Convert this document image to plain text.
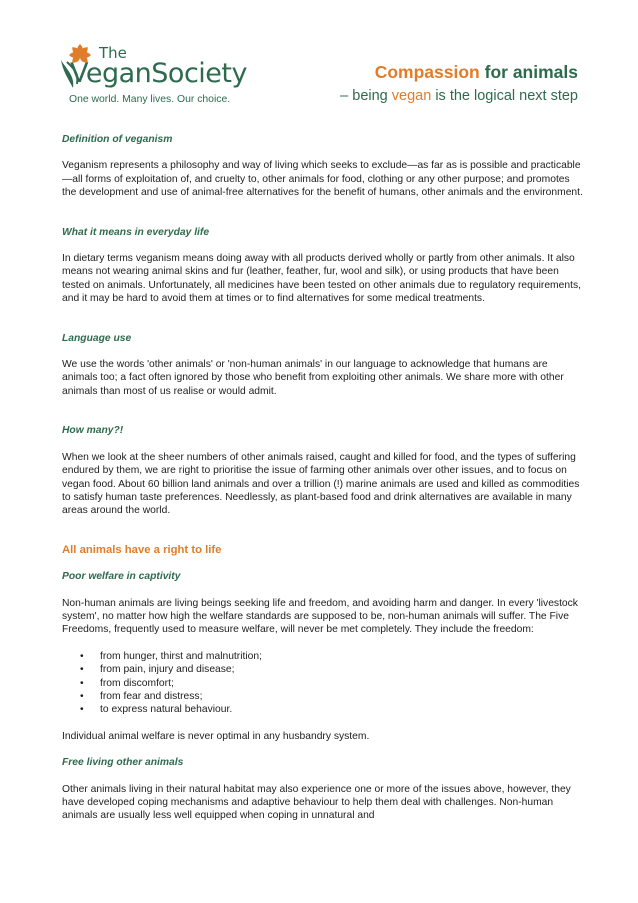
The
VeganSociety
One world. Many lives. Our choice.
Compassion for animals
– being vegan is the logical next step
Definition of veganism

Veganism represents a philosophy and way of living which seeks to exclude—as far as is possible and practicable—all forms of exploitation of, and cruelty to, other animals for food, clothing or any other purpose; and promotes the development and use of animal-free alternatives for the benefit of humans, other animals and the environment.

What it means in everyday life

In dietary terms veganism means doing away with all products derived wholly or partly from other animals. It also means not wearing animal skins and fur (leather, feather, fur, wool and silk), or using products that have been tested on animals. Unfortunately, all medicines have been tested on other animals due to regulatory requirements, and it may be hard to avoid them at times or to find alternatives for some medical treatments.

Language use

We use the words 'other animals' or 'non-human animals' in our language to acknowledge that humans are animals too; a fact often ignored by those who benefit from exploiting other animals. We share more with other animals than most of us realise or would admit.

How many?!

When we look at the sheer numbers of other animals raised, caught and killed for food, and the types of suffering endured by them, we are right to prioritise the issue of farming other animals over other issues, and to focus on vegan food. About 60 billion land animals and over a trillion (!) marine animals are used and killed as commodities to satisfy human taste preferences. Needlessly, as plant-based food and drink alternatives are available in many areas around the world.

All animals have a right to life
Poor welfare in captivity

Non-human animals are living beings seeking life and freedom, and avoiding harm and danger. In every 'livestock system', no matter how high the welfare standards are supposed to be, non-human animals will suffer. The Five Freedoms, frequently used to measure welfare, will never be met completely. They include the freedom:

• from hunger, thirst and malnutrition;
• from pain, injury and disease;
• from discomfort;
• from fear and distress;
• to express natural behaviour.

Individual animal welfare is never optimal in any husbandry system.

Free living other animals

Other animals living in their natural habitat may also experience one or more of the issues above, however, they have developed coping mechanisms and adaptive behaviour to help them deal with challenges. Non-human animals are usually less well equipped when coping in unnatural and
